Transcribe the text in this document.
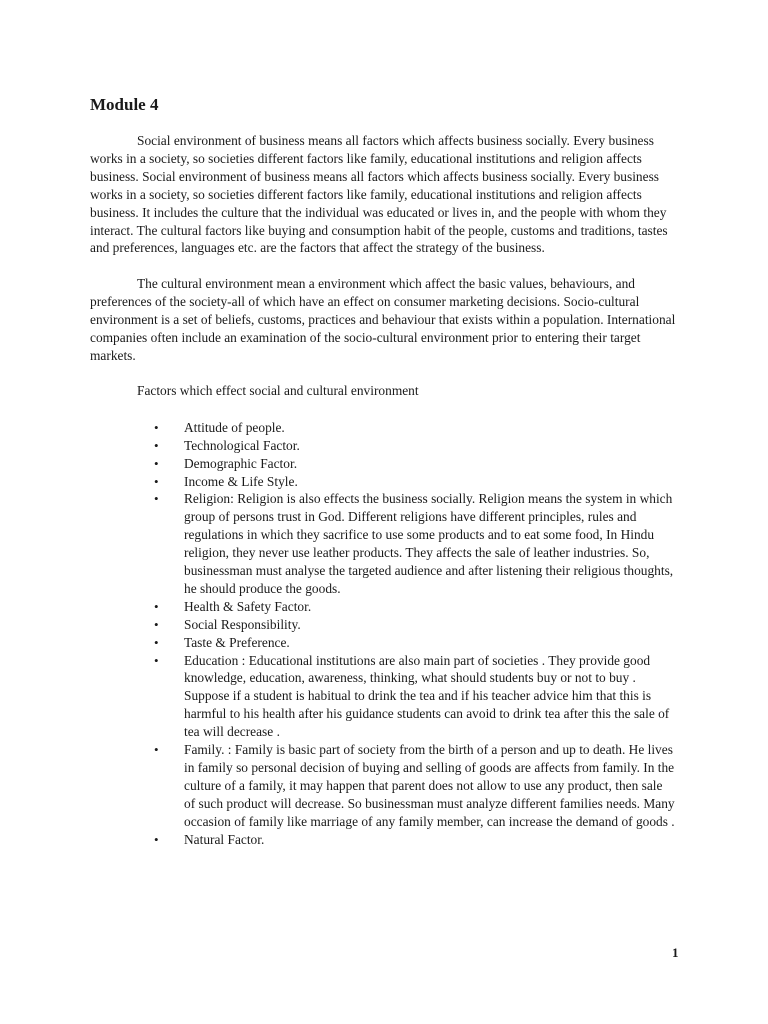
Module 4

Social environment of business means all factors which affects business socially. Every business works in a society, so societies different factors like family, educational institutions and religion affects business. Social environment of business means all factors which affects business socially. Every business works in a society, so societies different factors like family, educational institutions and religion affects business. It includes the culture that the individual was educated or lives in, and the people with whom they interact. The cultural factors like buying and consumption habit of the people, customs and traditions, tastes and preferences, languages etc. are the factors that affect the strategy of the business.

The cultural environment mean a environment which affect the basic values, behaviours, and preferences of the society-all of which have an effect on consumer marketing decisions. Socio-cultural environment is a set of beliefs, customs, practices and behaviour that exists within a population. International companies often include an examination of the socio-cultural environment prior to entering their target markets.

Factors which effect social and cultural environment

• Attitude of people.
• Technological Factor.
• Demographic Factor.
• Income & Life Style.
• Religion: Religion is also effects the business socially. Religion means the system in which group of persons trust in God. Different religions have different principles, rules and regulations in which they sacrifice to use some products and to eat some food, In Hindu religion, they never use leather products. They affects the sale of leather industries. So, businessman must analyse the targeted audience and after listening their religious thoughts, he should produce the goods.
• Health & Safety Factor.
• Social Responsibility.
• Taste & Preference.
• Education : Educational institutions are also main part of societies . They provide good knowledge, education, awareness, thinking, what should students buy or not to buy . Suppose if a student is habitual to drink the tea and if his teacher advice him that this is harmful to his health after his guidance students can avoid to drink tea after this the sale of tea will decrease .
• Family. : Family is basic part of society from the birth of a person and up to death. He lives in family so personal decision of buying and selling of goods are affects from family. In the culture of a family, it may happen that parent does not allow to use any product, then sale of such product will decrease. So businessman must analyze different families needs. Many occasion of family like marriage of any family member, can increase the demand of goods .
• Natural Factor.
1
